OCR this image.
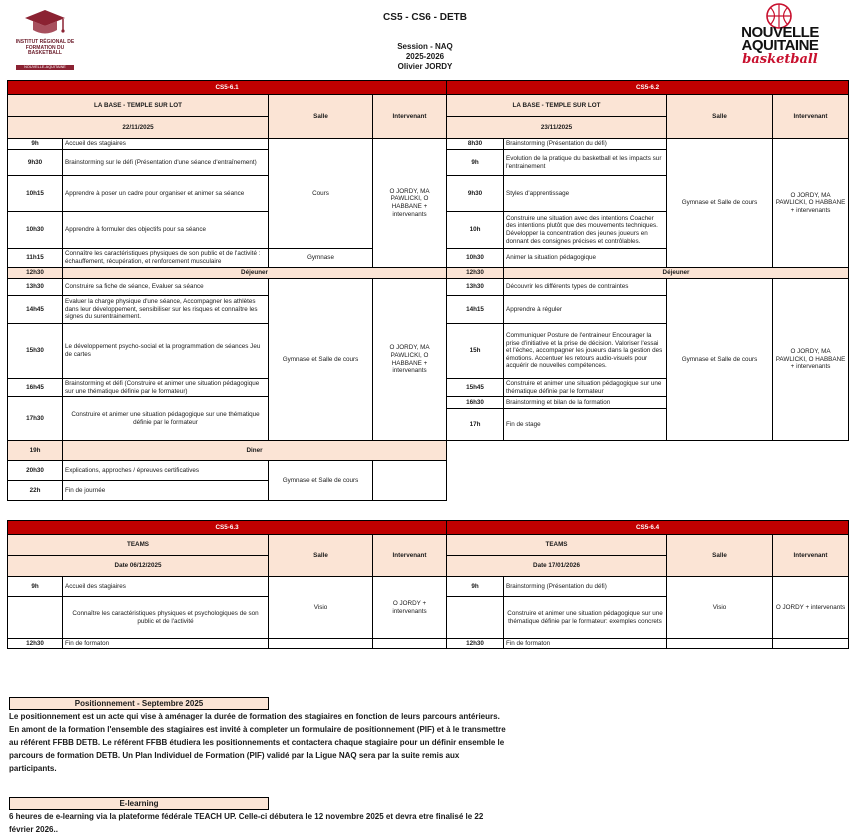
INSTITUT RÉGIONAL DE FORMATION DU BASKETBALL
NOUVELLE-AQUITAINE
CS5 - CS6 - DETB
Session - NAQ
2025-2026
Olivier JORDY
NOUVELLE
AQUITAINE
basketball
CS5-6.1			
LA BASE - TEMPLE SUR LOT		Salle	Intervenant
22/11/2025			
9h	Accueil des stagiaires	Cours	O JORDY, MA PAWLICKI, O HABBANE + intervenants
9h30	Brainstorming sur le défi (Présentation d'une séance d'entraînement)		
10h15	Apprendre à poser un cadre pour organiser et animer sa séance		
10h30	Apprendre à formuler des objectifs pour sa séance		
11h15	Connaître les caractéristiques physiques de son public et de l'activité : échauffement, récupération, et renforcement musculaire	Gymnase	
12h30	Déjeuner		
13h30	Construire sa fiche de séance, Evaluer sa séance	Gymnase et Salle de cours	O JORDY, MA PAWLICKI, O HABBANE + intervenants
14h45	Evaluer la charge physique d'une séance, Accompagner les athlètes dans leur développement, sensibiliser sur les risques et connaître les signes du surentrainement.		
15h30	Le développement psycho-social et la programmation de séances Jeu de cartes		
16h45	Brainstorming et défi (Construire et animer une situation pédagogique sur une thématique définie par le formateur)		
17h30	Construire et animer une situation pédagogique sur une thématique définie par le formateur		
19h	Diner		
20h30	Explications, approches / épreuves certificatives	Gymnase et Salle de cours	
22h	Fin de journée		
CS5-6.2			
LA BASE - TEMPLE SUR LOT		Salle	Intervenant
23/11/2025			
8h30	Brainstorming (Présentation du défi)	Gymnase et Salle de cours	O JORDY, MA PAWLICKI, O HABBANE + intervenants
9h	Evolution de la pratique du basketball et les impacts sur l'entrainement		
9h30	Styles d'apprentissage		
10h	Construire une situation avec des intentions Coacher des intentions plutôt que des mouvements techniques. Développer la concentration des jeunes joueurs en donnant des consignes précises et contrôlables.		
10h30	Animer la situation pédagogique		
12h30	Déjeuner		
13h30	Découvrir les différents types de contraintes	Gymnase et Salle de cours	O JORDY, MA PAWLICKI, O HABBANE + intervenants
14h15	Apprendre à réguler		
15h	Communiquer Posture de l'entraineur Encourager la prise d'initiative et la prise de décision. Valoriser l'essai et l'échec, accompagner les joueurs dans la gestion des émotions. Accentuer les retours audio-visuels pour acquérir de nouvelles compétences.		
15h45	Construire et animer une situation pédagogique sur une thématique définie par le formateur		
16h30	Brainstorming et bilan de la formation		
17h	Fin de stage		
CS5-6.3			
TEAMS		Salle	Intervenant
Date 06/12/2025			
9h	Accueil des stagiaires	Visio	O JORDY + intervenants
	Connaître les caractéristiques physiques et psychologiques de son public et de l'activité		
12h30	Fin de formaton		
CS5-6.4			
TEAMS		Salle	Intervenant
Date 17/01/2026			
9h	Brainstorming (Présentation du défi)	Visio	O JORDY + intervenants
	Construire et animer une situation pédagogique sur une thématique définie par le formateur: exemples concrets		
12h30	Fin de formaton		
Positionnement - Septembre 2025
Le positionnement est un acte qui vise à aménager la durée de formation des stagiaires en fonction de leurs parcours antérieurs. En amont de la formation l'ensemble des stagiaires est invité à completer un formulaire de positionnement (PIF) et à le transmettre au référent FFBB DETB. Le référent FFBB étudiera les positionnements et contactera chaque stagiaire pour un définir ensemble le parcours de formation DETB. Un Plan Individuel de Formation (PIF) validé par la Ligue NAQ sera par la suite remis aux participants.
E-learning
6 heures de e-learning via la plateforme fédérale TEACH UP. Celle-ci débutera le 12 novembre 2025 et devra etre finalisé le 22 février 2026..
